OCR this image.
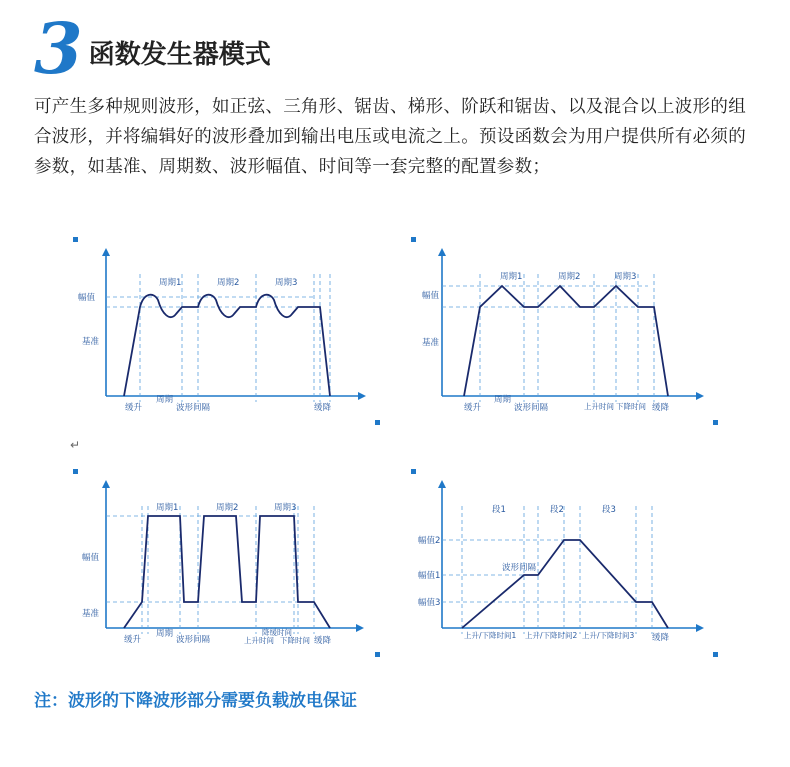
3 函数发生器模式
可产生多种规则波形，如正弦、三角形、锯齿、梯形、阶跃和锯齿、以及混合以上波形的组合波形，并将编辑好的波形叠加到输出电压或电流之上。预设函数会为用户提供所有必须的参数，如基准、周期数、波形幅值、时间等一套完整的配置参数；
幅值
基准
周期1	周期2	周期3
缓升
周期
波形间隔	缓降
幅值
基准
周期1	周期2	周期3
缓升
周期
波形间隔	上升时间 下降时间 缓降
↵
幅值
基准
周期1	周期2	周期3
缓升
周期
波形间隔
降缓时间
上升时间 下降时间 缓降
幅值2
幅值1
幅值3
段1	段2	段3
波形间隔
上升/下降时间1 上升/下降时间2 上升/下降时间3 缓降
注：波形的下降波形部分需要负载放电保证
